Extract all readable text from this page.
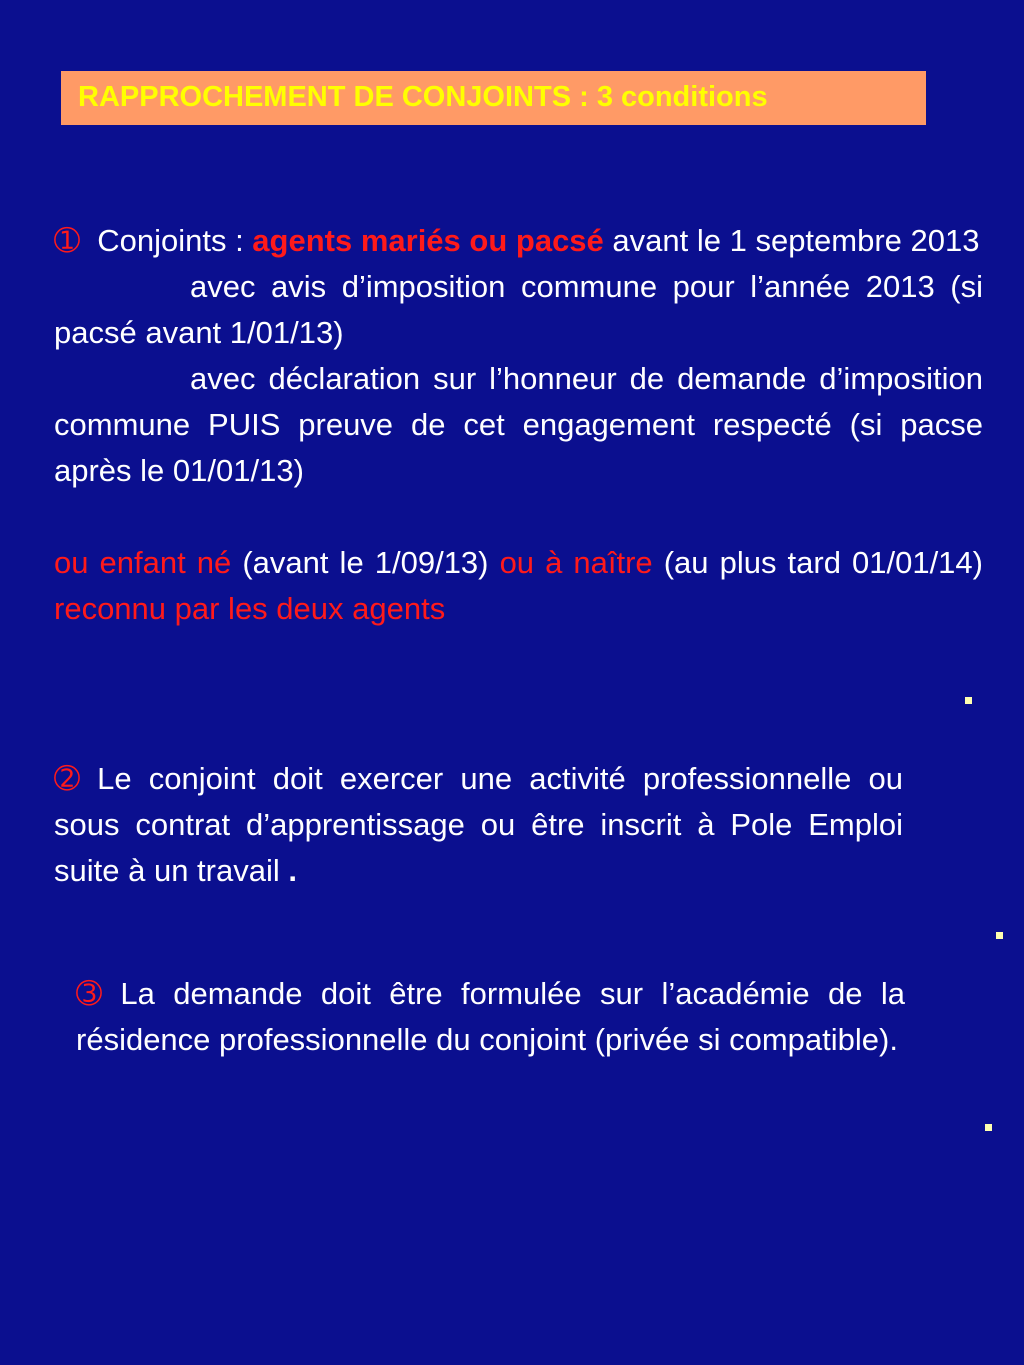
RAPPROCHEMENT DE CONJOINTS : 3 conditions

➀ Conjoints : agents mariés ou pacsé avant le 1 septembre 2013

avec avis d’imposition commune pour l’année 2013 (si pacsé avant 1/01/13)

avec déclaration sur l’honneur de demande d’imposition commune PUIS preuve de cet engagement respecté (si pacse après le 01/01/13)

ou enfant né (avant le 1/09/13) ou à naître (au plus tard 01/01/14) reconnu par les deux agents

➁ Le conjoint doit exercer une activité professionnelle ou sous contrat d’apprentissage ou être inscrit à Pole Emploi suite à un travail .

➂ La demande doit être formulée sur l’académie de la résidence professionnelle du conjoint (privée si compatible).
